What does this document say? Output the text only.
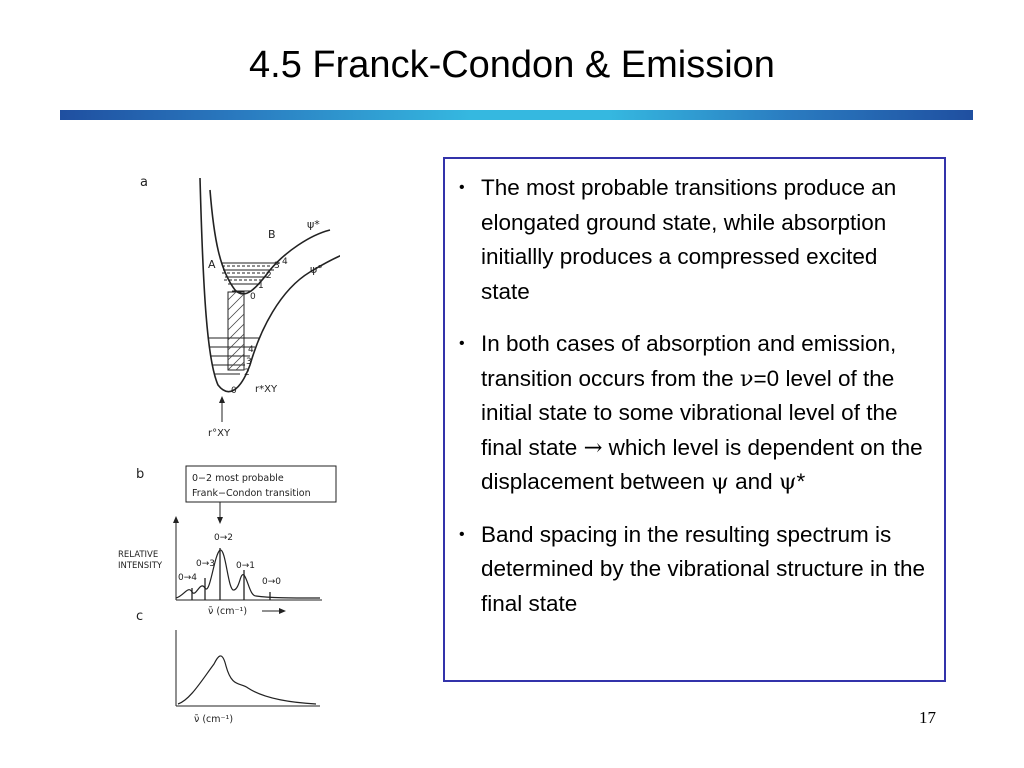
4.5 Franck-Condon & Emission
a
A
B
ψ*
ψ°
0
1
2
3 4
0
2
3
4
r*XY
r°XY
b	0−2 most probable
Frank−Condon transition
RELATIVE
INTENSITY
0→4
0→3
0→2
0→1
0→0
ν̄ (cm⁻¹)
c
ν̄ (cm⁻¹)
• The most probable transitions produce an elongated ground state, while absorption initiallly produces a compressed excited state
• In both cases of absorption and emission, transition occurs from the ν=0 level of the initial state to some vibrational level of the final state → which level is dependent on the displacement between ψ and ψ*
• Band spacing in the resulting spectrum is determined by the vibrational structure in the final state
17
